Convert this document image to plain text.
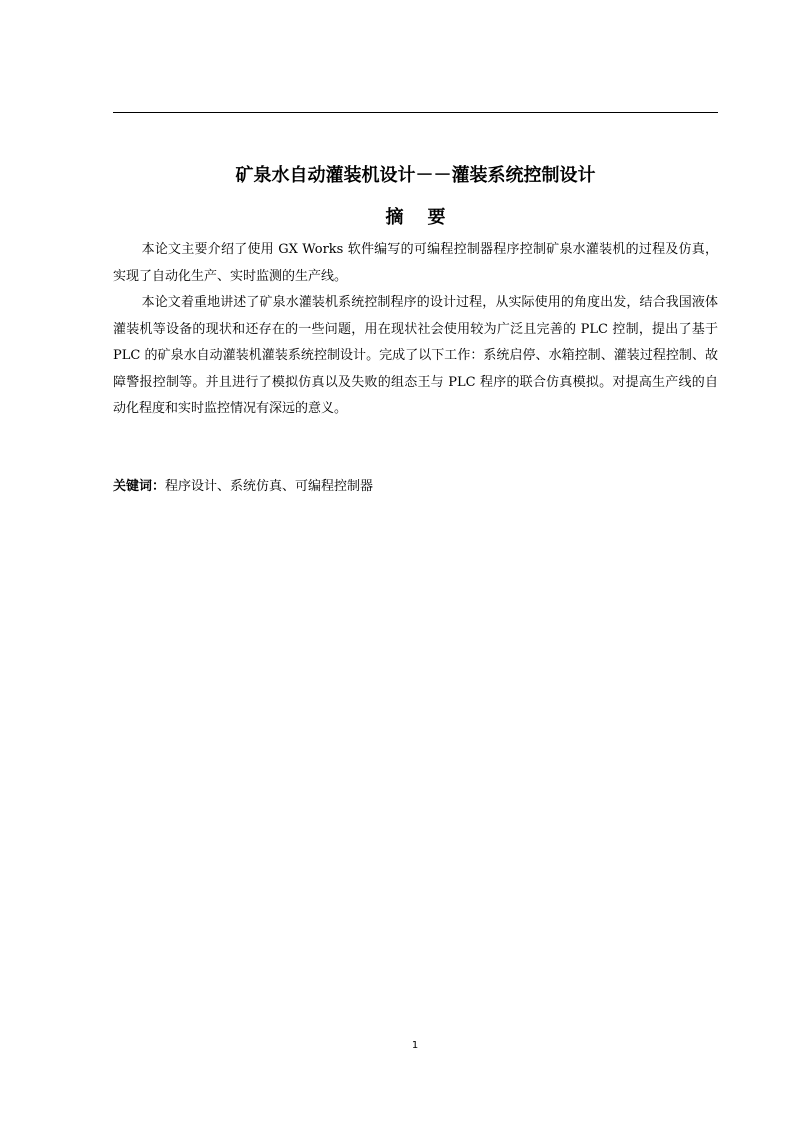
矿泉水自动灌装机设计－－灌装系统控制设计
摘要

本论文主要介绍了使用 GX Works 软件编写的可编程控制器程序控制矿泉水灌装机的过程及仿真，实现了自动化生产、实时监测的生产线。

本论文着重地讲述了矿泉水灌装机系统控制程序的设计过程，从实际使用的角度出发，结合我国液体灌装机等设备的现状和还存在的一些问题，用在现状社会使用较为广泛且完善的 PLC 控制，提出了基于 PLC 的矿泉水自动灌装机灌装系统控制设计。完成了以下工作：系统启停、水箱控制、灌装过程控制、故障警报控制等。并且进行了模拟仿真以及失败的组态王与 PLC 程序的联合仿真模拟。对提高生产线的自动化程度和实时监控情况有深远的意义。

关键词：程序设计、系统仿真、可编程控制器
1
